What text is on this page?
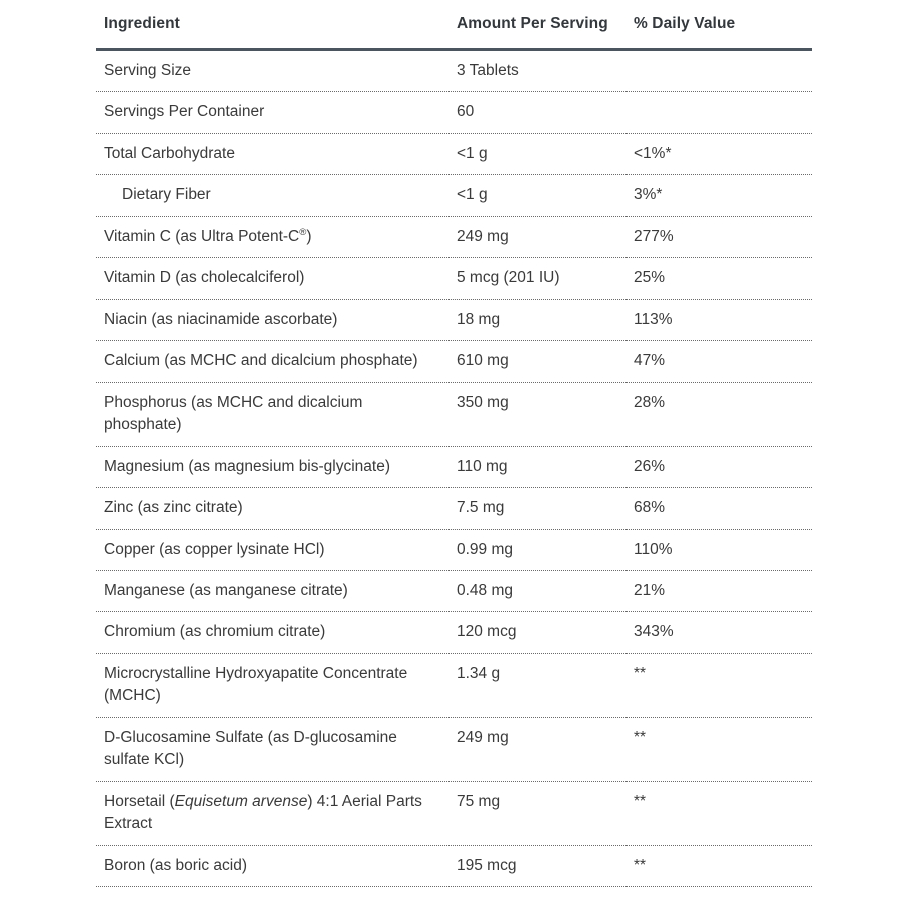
Ingredient	Amount Per Serving	% Daily Value
Serving Size	3 Tablets	
Servings Per Container	60	
Total Carbohydrate	<1 g	<1%*
Dietary Fiber	<1 g	3%*
Vitamin C (as Ultra Potent-C®)	249 mg	277%
Vitamin D (as cholecalciferol)	5 mcg (201 IU)	25%
Niacin (as niacinamide ascorbate)	18 mg	113%
Calcium (as MCHC and dicalcium phosphate)	610 mg	47%
Phosphorus (as MCHC and dicalcium phosphate)	350 mg	28%
Magnesium (as magnesium bis-glycinate)	110 mg	26%
Zinc (as zinc citrate)	7.5 mg	68%
Copper (as copper lysinate HCl)	0.99 mg	110%
Manganese (as manganese citrate)	0.48 mg	21%
Chromium (as chromium citrate)	120 mcg	343%
Microcrystalline Hydroxyapatite Concentrate (MCHC)	1.34 g	**
D-Glucosamine Sulfate (as D-glucosamine sulfate KCl)	249 mg	**
Horsetail (Equisetum arvense) 4:1 Aerial Parts Extract	75 mg	**
Boron (as boric acid)	195 mcg	**
